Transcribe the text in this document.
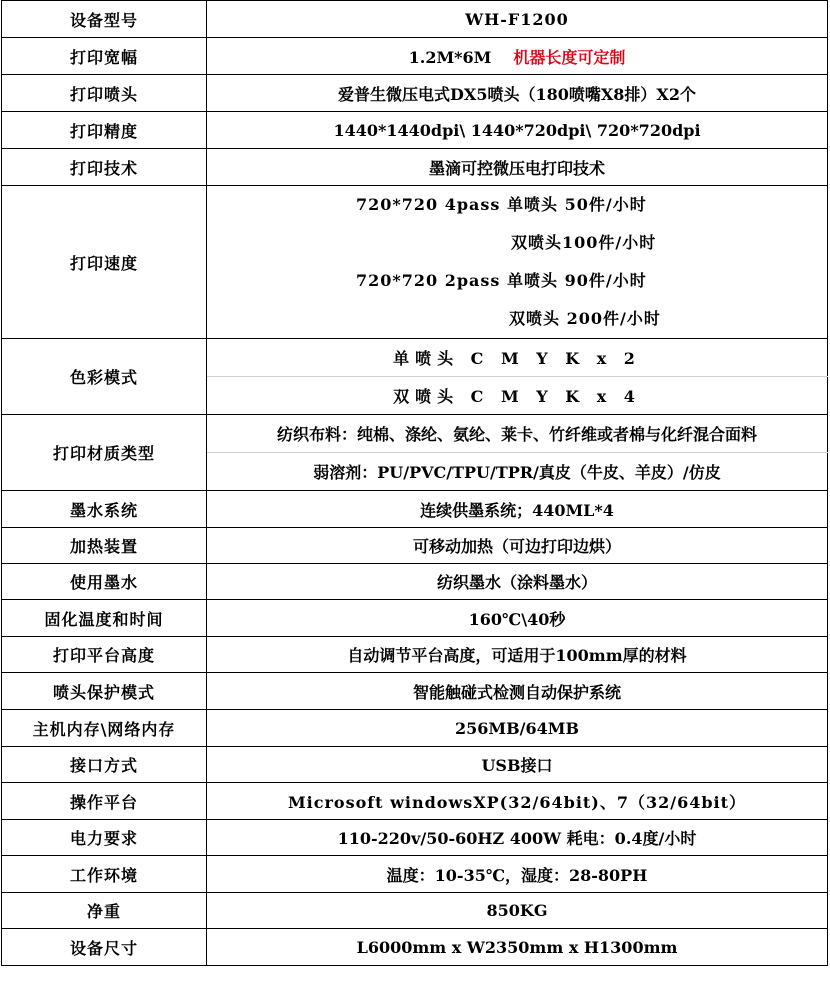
设备型号	WH-F1200
打印宽幅	1.2M*6M 机器长度可定制
打印喷头	爱普生微压电式DX5喷头（180喷嘴X8排）X2个
打印精度	1440*1440dpi\ 1440*720dpi\ 720*720dpi
打印技术	墨滴可控微压电打印技术
打印速度	720*720 4pass 单喷头 50件/小时
双喷头100件/小时
720*720 2pass 单喷头 90件/小时
双喷头 200件/小时

色彩模式	单喷头 C M Y K x 2
	双喷头 C M Y K x 4
打印材质类型	纺织布料：纯棉、涤纶、氨纶、莱卡、竹纤维或者棉与化纤混合面料
	弱溶剂：PU/PVC/TPU/TPR/真皮（牛皮、羊皮）/仿皮
墨水系统	连续供墨系统；440ML*4
加热装置	可移动加热（可边打印边烘）
使用墨水	纺织墨水（涂料墨水）
固化温度和时间	160℃\40秒
打印平台高度	自动调节平台高度，可适用于100mm厚的材料
喷头保护模式	智能触碰式检测自动保护系统
主机内存\网络内存	256MB/64MB
接口方式	USB接口
操作平台	Microsoft windowsXP(32/64bit)、7（32/64bit）
电力要求	110-220v/50-60HZ 400W 耗电：0.4度/小时
工作环境	温度：10-35℃，湿度：28-80PH
净重	850KG
设备尺寸	L6000mm x W2350mm x H1300mm
